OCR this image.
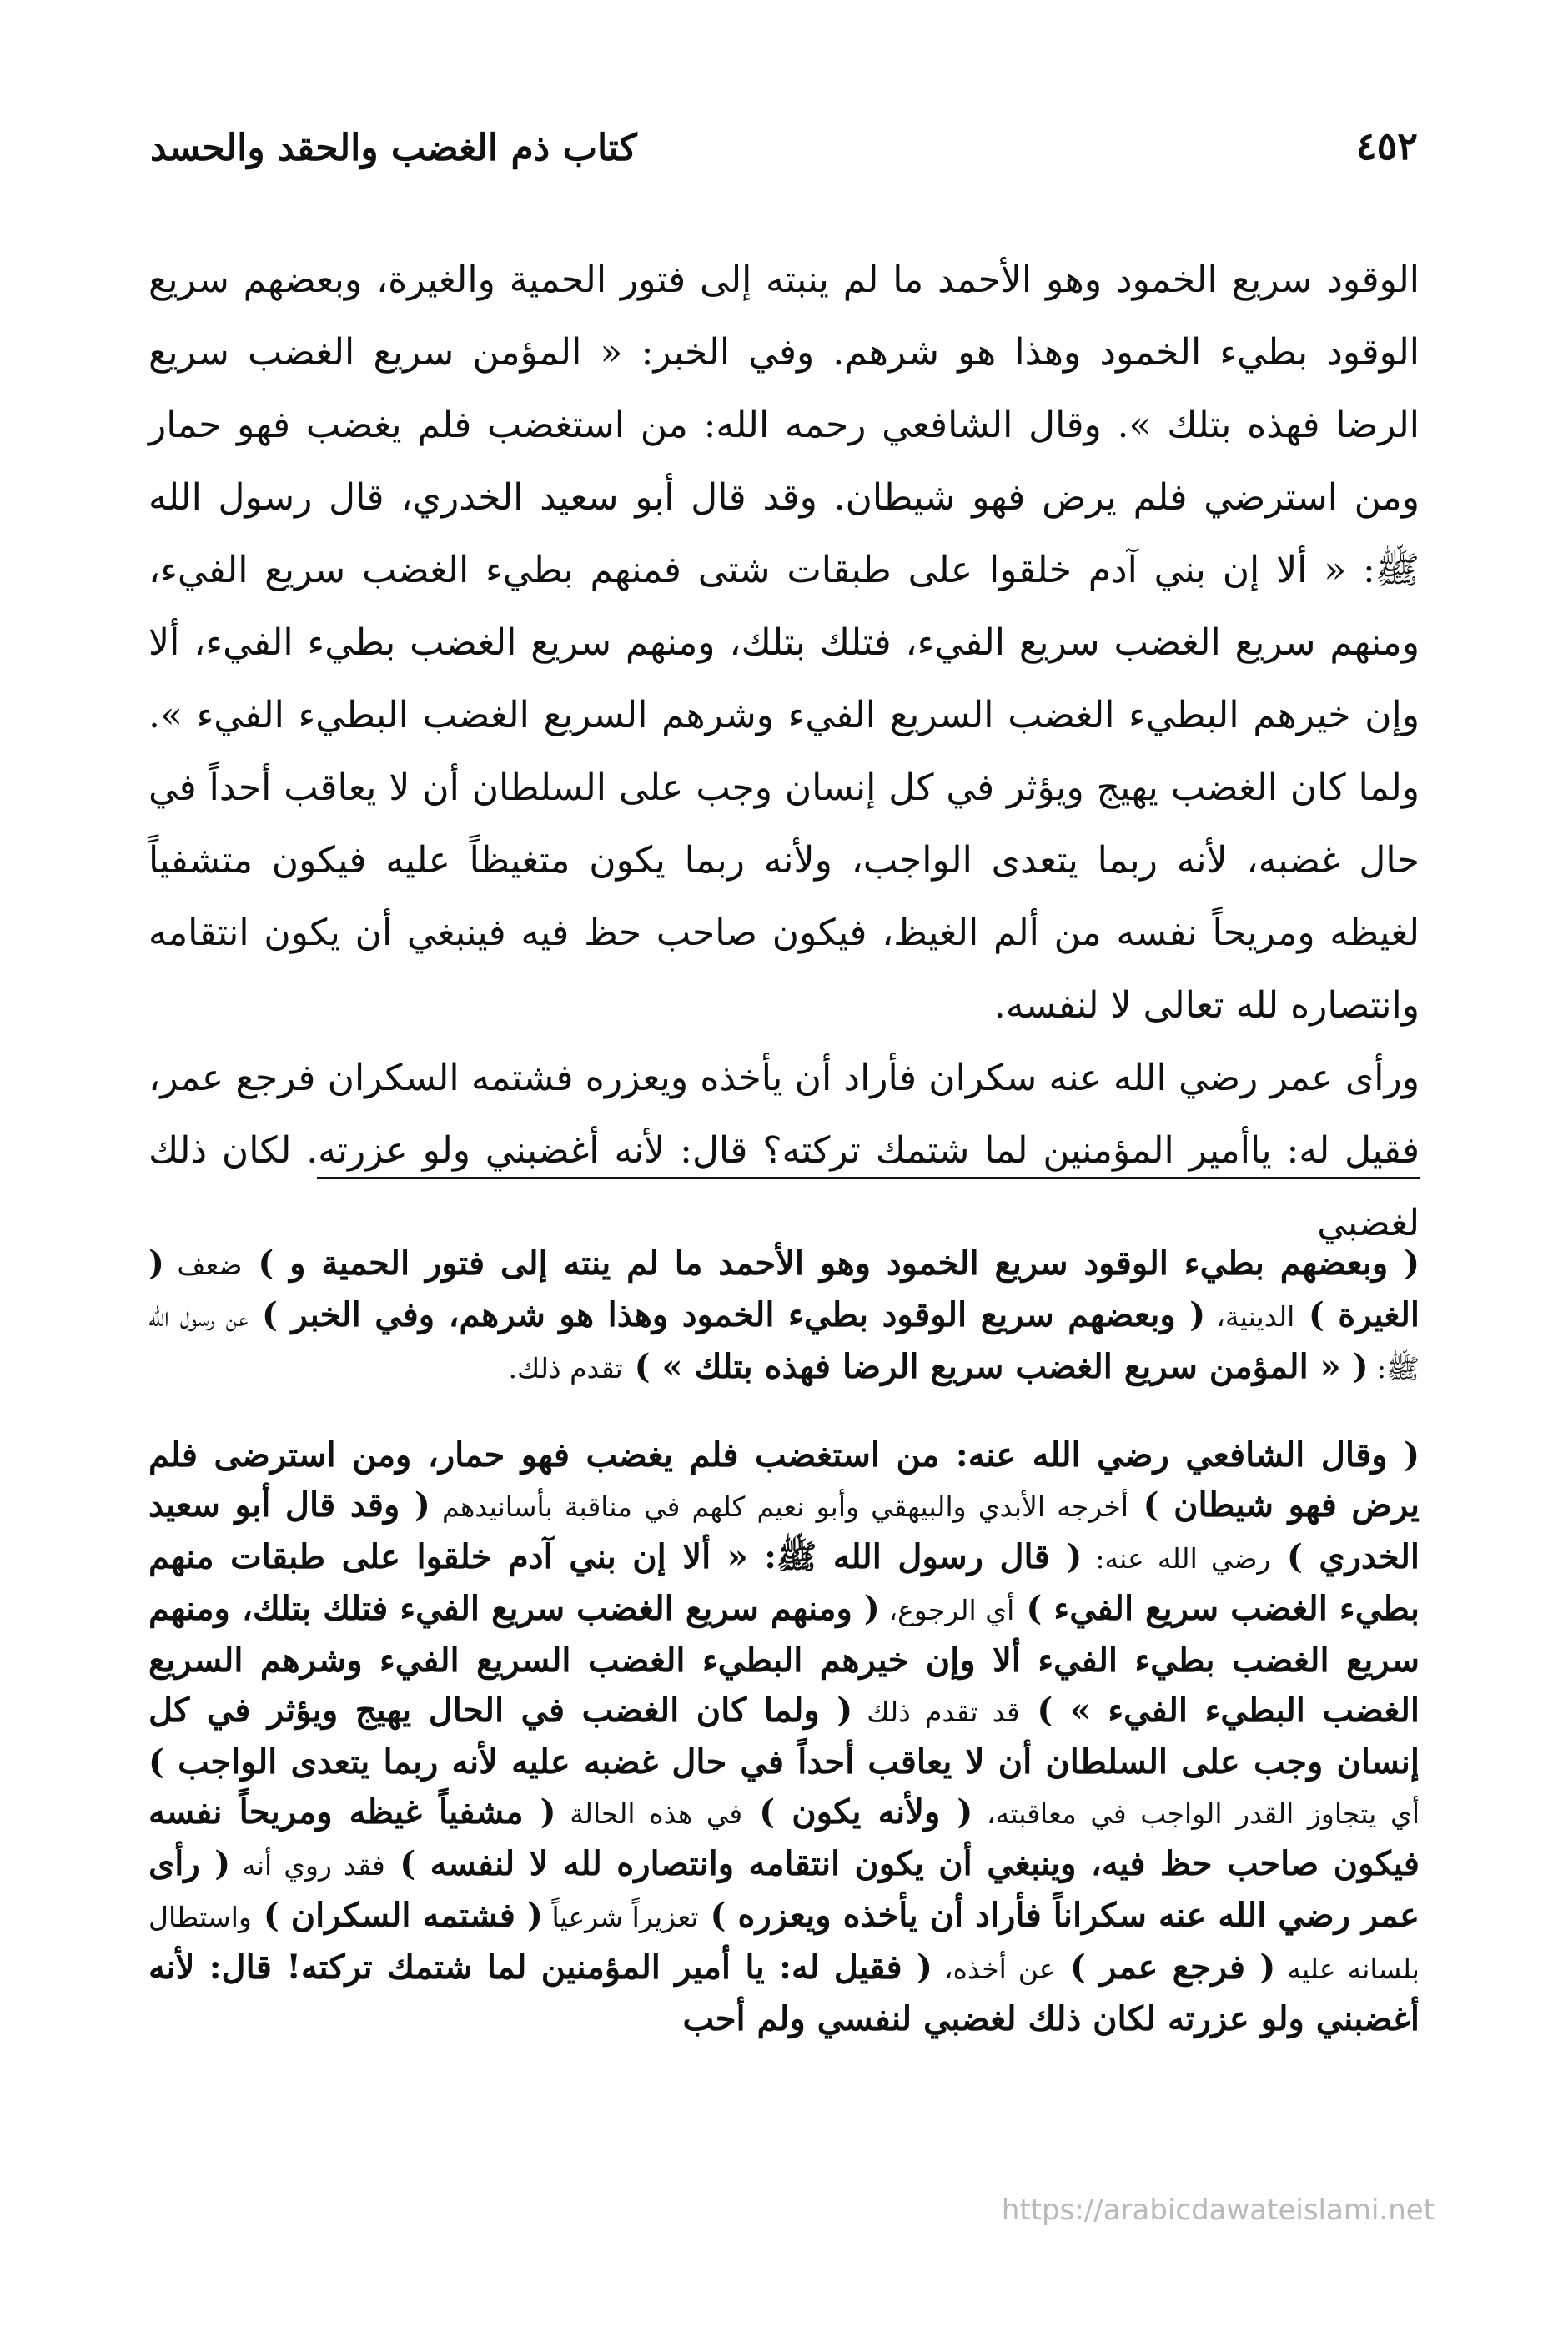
٤٥٢
كتاب ذم الغضب والحقد والحسد

الوقود سريع الخمود وهو الأحمد ما لم ينبته إلى فتور الحمية والغيرة، وبعضهم سريع الوقود بطيء الخمود وهذا هو شرهم. وفي الخبر: « المؤمن سريع الغضب سريع الرضا فهذه بتلك ». وقال الشافعي رحمه الله: من استغضب فلم يغضب فهو حمار ومن استرضي فلم يرض فهو شيطان. وقد قال أبو سعيد الخدري، قال رسول الله ﷺ: « ألا إن بني آدم خلقوا على طبقات شتى فمنهم بطيء الغضب سريع الفيء، ومنهم سريع الغضب سريع الفيء، فتلك بتلك، ومنهم سريع الغضب بطيء الفيء، ألا وإن خيرهم البطيء الغضب السريع الفيء وشرهم السريع الغضب البطيء الفيء ». ولما كان الغضب يهيج ويؤثر في كل إنسان وجب على السلطان أن لا يعاقب أحداً في حال غضبه، لأنه ربما يتعدى الواجب، ولأنه ربما يكون متغيظاً عليه فيكون متشفياً لغيظه ومريحاً نفسه من ألم الغيظ، فيكون صاحب حظ فيه فينبغي أن يكون انتقامه وانتصاره لله تعالى لا لنفسه.

ورأى عمر رضي الله عنه سكران فأراد أن يأخذه ويعزره فشتمه السكران فرجع عمر، فقيل له: ياأمير المؤمنين لما شتمك تركته؟ قال: لأنه أغضبني ولو عزرته. لكان ذلك لغضبي

( وبعضهم بطيء الوقود سريع الخمود وهو الأحمد ما لم ينته إلى فتور الحمية و ) ضعف ( الغيرة ) الدينية، ( وبعضهم سريع الوقود بطيء الخمود وهذا هو شرهم، وفي الخبر ) عن رسول الله ﷺ: ( « المؤمن سريع الغضب سريع الرضا فهذه بتلك » ) تقدم ذلك.

( وقال الشافعي رضي الله عنه: من استغضب فلم يغضب فهو حمار، ومن استرضى فلم يرض فهو شيطان ) أخرجه الأبدي والبيهقي وأبو نعيم كلهم في مناقبة بأسانيدهم ( وقد قال أبو سعيد الخدري ) رضي الله عنه: ( قال رسول الله ﷺ: « ألا إن بني آدم خلقوا على طبقات منهم بطيء الغضب سريع الفيء ) أي الرجوع، ( ومنهم سريع الغضب سريع الفيء فتلك بتلك، ومنهم سريع الغضب بطيء الفيء ألا وإن خيرهم البطيء الغضب السريع الفيء وشرهم السريع الغضب البطيء الفيء » ) قد تقدم ذلك ( ولما كان الغضب في الحال يهيج ويؤثر في كل إنسان وجب على السلطان أن لا يعاقب أحداً في حال غضبه عليه لأنه ربما يتعدى الواجب ) أي يتجاوز القدر الواجب في معاقبته، ( ولأنه يكون ) في هذه الحالة ( مشفياً غيظه ومريحاً نفسه فيكون صاحب حظ فيه، وينبغي أن يكون انتقامه وانتصاره لله لا لنفسه ) فقد روي أنه ( رأى عمر رضي الله عنه سكراناً فأراد أن يأخذه ويعزره ) تعزيراً شرعياً ( فشتمه السكران ) واستطال بلسانه عليه ( فرجع عمر ) عن أخذه، ( فقيل له: يا أمير المؤمنين لما شتمك تركته! قال: لأنه أغضبني ولو عزرته لكان ذلك لغضبي لنفسي ولم أحب

https://arabicdawateislami.net
